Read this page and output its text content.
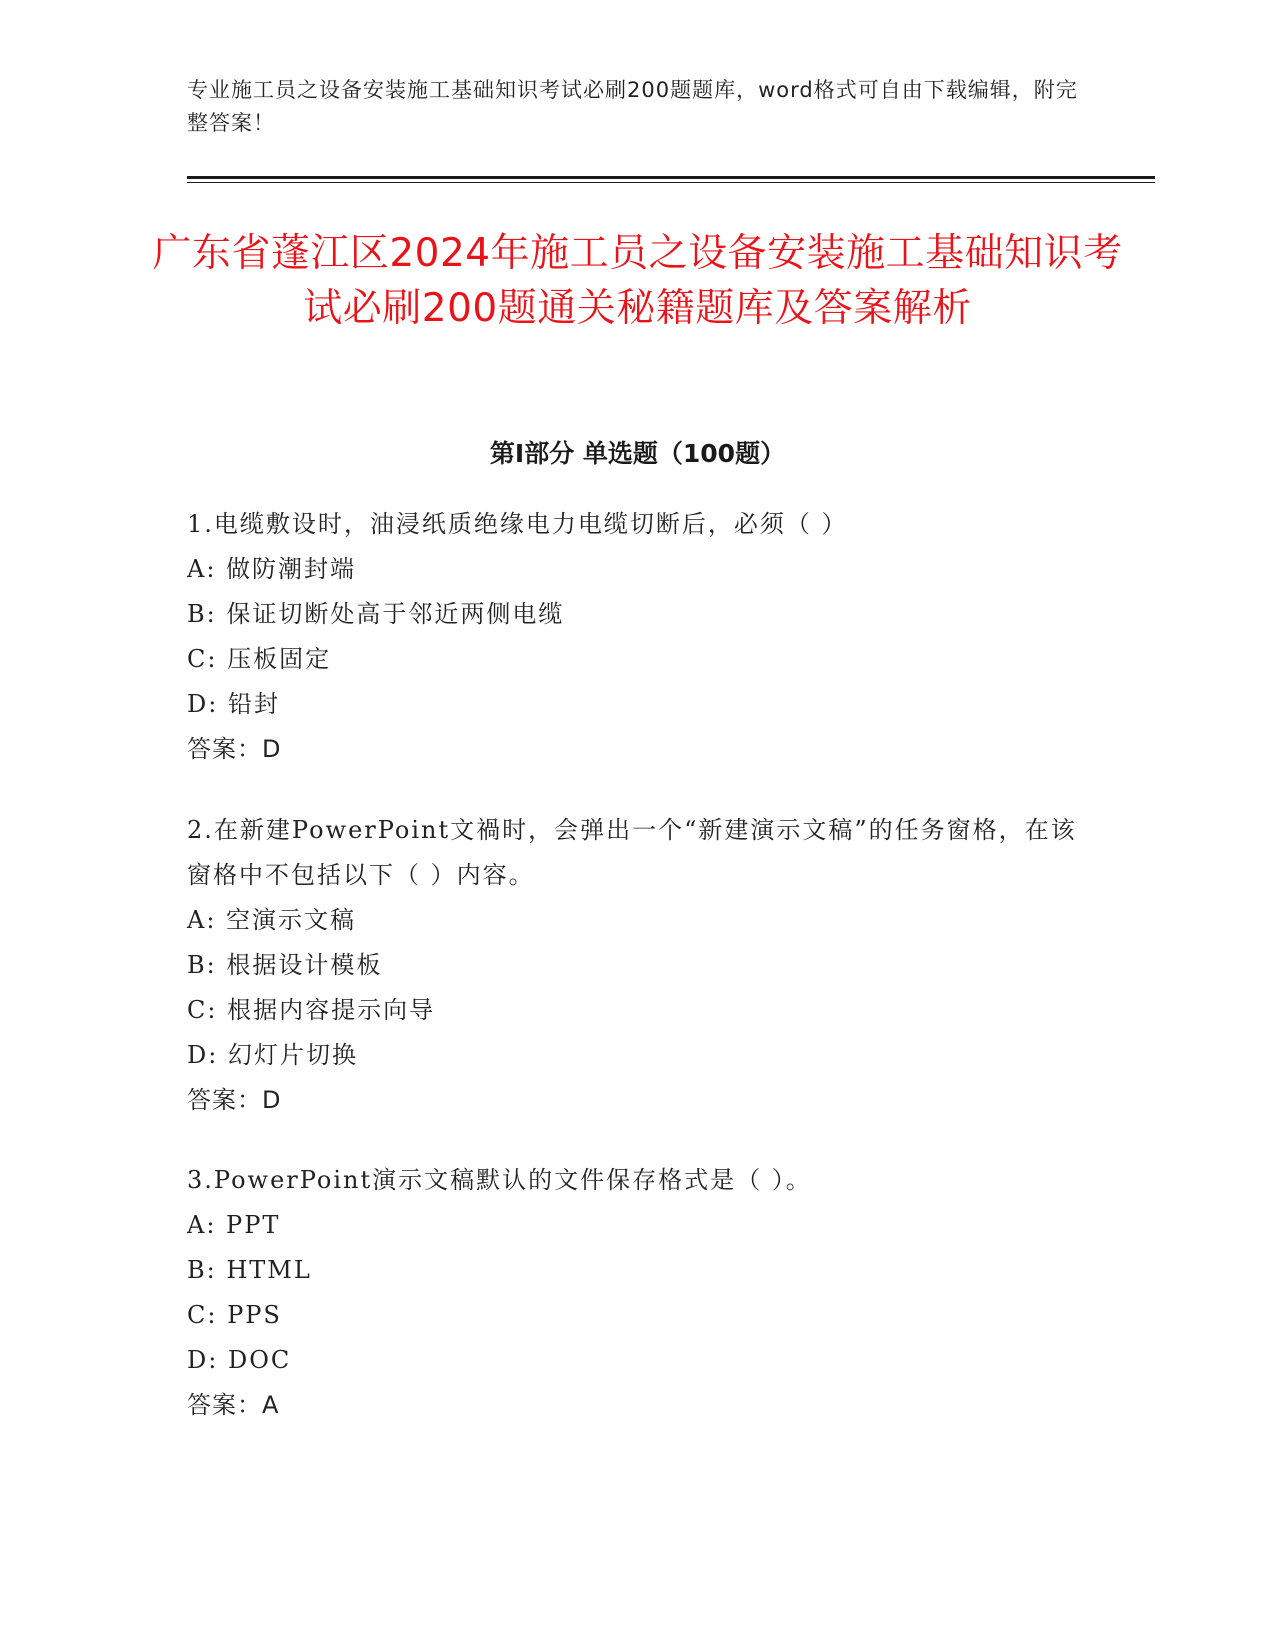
专业施工员之设备安装施工基础知识考试必刷200题题库，word格式可自由下载编辑，附完整答案！
广东省蓬江区2024年施工员之设备安装施工基础知识考试必刷200题通关秘籍题库及答案解析
第I部分 单选题（100题）
1.电缆敷设时，油浸纸质绝缘电力电缆切断后，必须（ ）
A: 做防潮封端
B: 保证切断处高于邻近两侧电缆
C: 压板固定
D: 铅封
答案：D
2.在新建PowerPoint文禍时，会弹出一个“新建演示文稿”的任务窗格，在该窗格中不包括以下（ ）内容。
A: 空演示文稿
B: 根据设计模板
C: 根据内容提示向导
D: 幻灯片切换
答案：D
3.PowerPoint演示文稿默认的文件保存格式是（ ）。
A: PPT
B: HTML
C: PPS
D: DOC
答案：A
